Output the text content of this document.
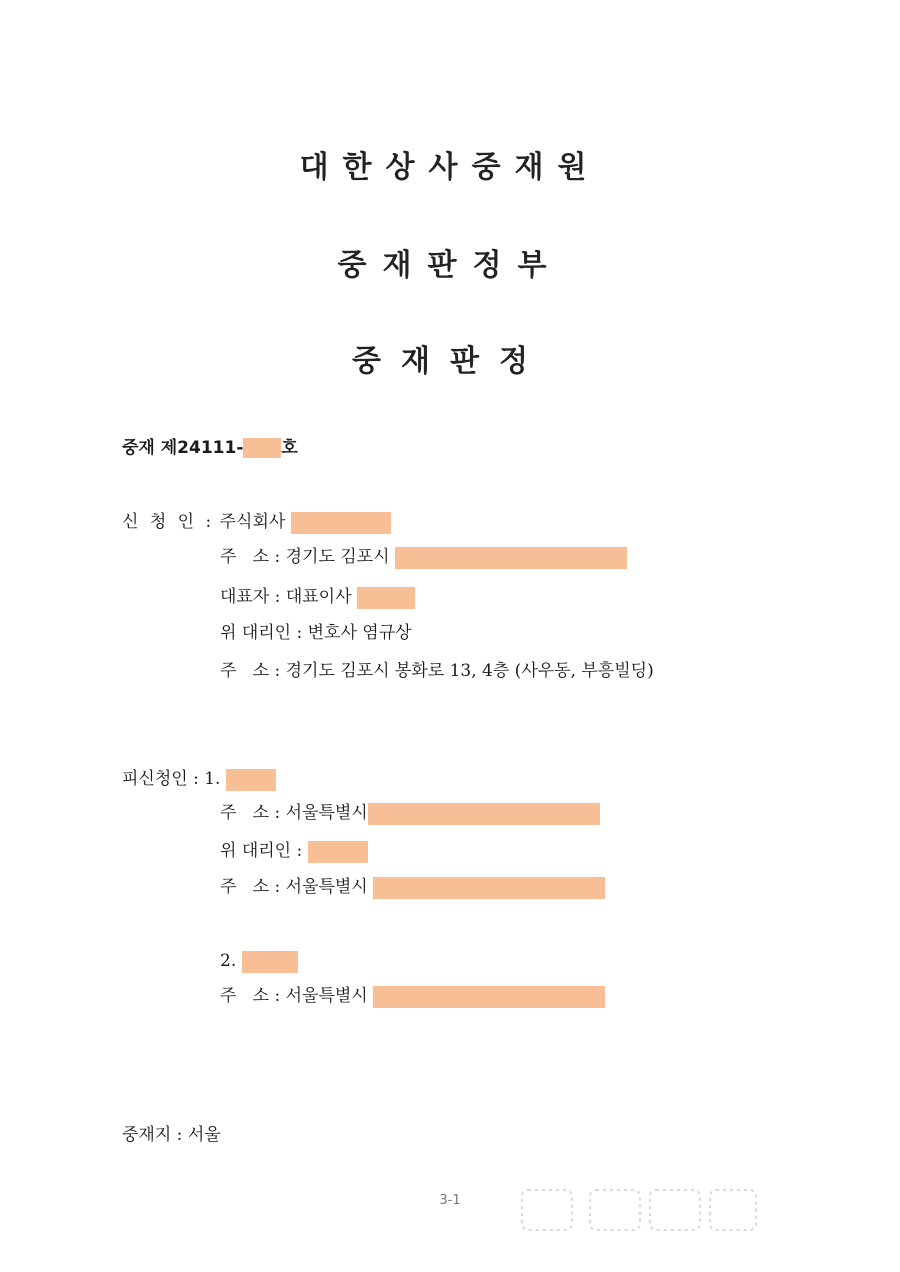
대한상사중재원
중재판정부
중재판정
중재 제24111- 호
신 청 인 : 주식회사
주   소 : 경기도 김포시
대표자 : 대표이사
위 대리인 : 변호사 염규상
주   소 : 경기도 김포시 봉화로 13, 4층 (사우동, 부흥빌딩)
피신청인 : 1.
주   소 : 서울특별시
위 대리인 :
주   소 : 서울특별시
2.
주   소 : 서울특별시
중재지 : 서울
3-1
